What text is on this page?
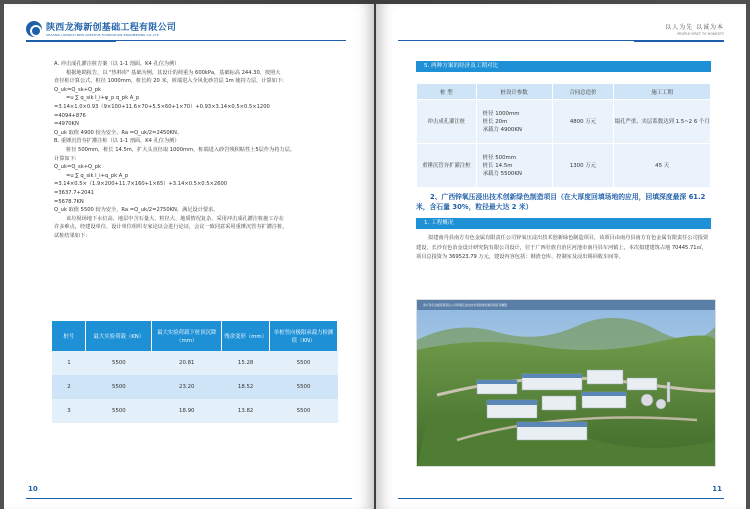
陕西龙海新创基础工程有限公司
SHAANXI LONGHAI NEW CREATIVE FOUNDATION ENGINEERING CO.,LTD

A. 冲击成孔灌注桩方案（以 1-1 剖面，K4 孔位为例）

根据地勘报告，以 "热料库" 基础为例，其设计的荷重为 600kPa，基础标高 244.30，按照大

直径桩计算公式，桩径 1000mm，桩长约 20 米，桩端进入全风化砂岩层 1m 使持力层，计算如下:

Q_uk=Q_sk+Q_pk

=u ∑ q_sik l_i+ψ_p q_pk A_p

=3.14×1.0×0.93（9×100+11.6×70+5.5×60+1×70）+0.93×3.14×0.5×0.5×1200

=4094+876

=4970KN

Q_uk 取值 4900 较为安全，Ra =Q_uk/2=2450KN。

B. 重锤沉管夯扩灌注桩（以 1-1 剖面，K4 孔位为例）

桩径 500mm，桩长 14.5m，扩大头直径取 1000mm，桩端进入砂岩残积粘性土5层作为持力层。

计算如下:

Q_uk=Q_sk+Q_pk

=u ∑ q_sik l_i+q_pk A_p

=3.14×0.5×（1.9×200+11.7×160+1×65）+3.14×0.5×0.5×2600

=3637.7+2041

=5678.7KN

Q_uk 取值 5500 较为安全，Ra =Q_uk/2=2750KN，满足设计要求。

该垃圾场地下水位高、地层中含石量大、粒径大、地质情况复杂，采用冲击成孔灌注桩施工存在

许多难点，经建设单位、设计单位组织专家论证会进行论证，会议一致同意采用重锤沉管夯扩灌注桩，

试桩结果如下：

桩号	最大实验荷载（KN）	最大实验荷载下桩顶沉降（mm）	残余变形（mm）	单桩竖向极限承载力检测值（KN）
1	5500	20.81	15.28	5500
2	5500	23.20	18.52	5500
3	5500	18.90	13.82	5500
10
以人为先 以诚为本
PEOPLE FIRST TO HONESTY
5. 两种方案的经济及工期对比
桩 型	桩设计参数	合同总造价	施工工期
冲击成孔灌注桩	桩径 1000mm
桩长 20m
承载力 4900KN	4800 万元	塌孔严重、夹层系数达到 1.5~2 6 个月
重锤沉管夯扩灌注桩	桩径 500mm
桩长 14.5m
承载力 5500KN	1300 万元	45 天
2、广西锌氧压浸出技术创新绿色制造项目（在大厚度回填场地的应用，回填深度最深 61.2 米，含石量 30%，粒径最大达 2 米）
1. 工程概况
拟建南丹县南方有色金属有限责任公司锌氧压浸出技术创新绿色制造项目，该项目由南丹县南方有色金属有限责任公司投资建设，长沙有色冶金设计研究院有限公司设计，位于广西壮族自治区河池市南丹县车河镇上，本次拟建建筑占地 70445.71㎡，项目总投资为 369523.79 万元，建设内容包括：钢渣仓库、控制室及浸出锡回收车间等。
南方有色金属有限责任公司锌氧压浸出技术创新绿色制造项目鸟瞰图
11
